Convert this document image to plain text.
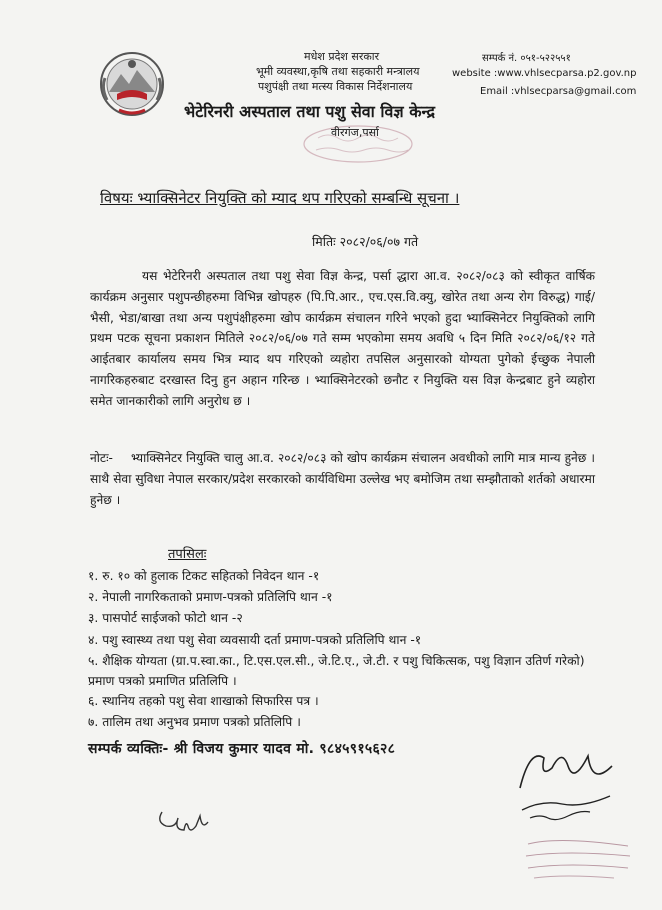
मधेश प्रदेश सरकार
भूमी व्यवस्था,कृषि तथा सहकारी मन्त्रालय
पशुपंक्षी तथा मत्स्य विकास निर्देशनालय
सम्पर्क नं. ०५१-५२२५५१
website :www.vhlsecparsa.p2.gov.np
Email :vhlsecparsa@gmail.com
भेटेरिनरी अस्पताल तथा पशु सेवा विज्ञ केन्द्र
वीरगंज,पर्सा
विषयः भ्याक्सिनेटर नियुक्ति को म्याद थप गरिएको सम्बन्धि सूचना ।
मितिः २०८२/०६/०७ गते

यस भेटेरिनरी अस्पताल तथा पशु सेवा विज्ञ केन्द्र, पर्सा द्धारा आ.व. २०८२/०८३ को स्वीकृत वार्षिक कार्यक्रम अनुसार पशुपन्छीहरुमा विभिन्न खोपहरु (पि.पि.आर., एच.एस.वि.क्यु, खोरेत तथा अन्य रोग विरुद्ध) गाई/भैसी, भेडा/बाखा तथा अन्य पशुपंक्षीहरुमा खोप कार्यक्रम संचालन गरिने भएको हुदा भ्याक्सिनेटर नियुक्तिको लागि प्रथम पटक सूचना प्रकाशन मितिले २०८२/०६/०७ गते सम्म भएकोमा समय अवधि ५ दिन मिति २०८२/०६/१२ गते आईतबार कार्यालय समय भित्र म्याद थप गरिएको व्यहोरा तपसिल अनुसारको योग्यता पुगेको ईच्छुक नेपाली नागरिकहरुबाट दरखास्त दिनु हुन अहान गरिन्छ । भ्याक्सिनेटरको छनौट र नियुक्ति यस विज्ञ केन्द्रबाट हुने व्यहोरा समेत जानकारीको लागि अनुरोध छ ।

नोटः- भ्याक्सिनेटर नियुक्ति चालु आ.व. २०८२/०८३ को खोप कार्यक्रम संचालन अवधीको लागि मात्र मान्य हुनेछ । साथै सेवा सुविधा नेपाल सरकार/प्रदेश सरकारको कार्यविधिमा उल्लेख भए बमोजिम तथा सम्झौताको शर्तको अधारमा हुनेछ ।

तपसिलः
१. रु. १० को हुलाक टिकट सहितको निवेदन थान -१
२. नेपाली नागरिकताको प्रमाण-पत्रको प्रतिलिपि थान -१
३. पासपोर्ट साईजको फोटो थान -२
४. पशु स्वास्थ्य तथा पशु सेवा व्यवसायी दर्ता प्रमाण-पत्रको प्रतिलिपि थान -१
५. शैक्षिक योग्यता (ग्रा.प.स्वा.का., टि.एस.एल.सी., जे.टि.ए., जे.टी. र पशु चिकित्सक, पशु विज्ञान उतिर्ण गरेको) प्रमाण पत्रको प्रमाणित प्रतिलिपि ।
६. स्थानिय तहको पशु सेवा शाखाको सिफारिस पत्र ।
७. तालिम तथा अनुभव प्रमाण पत्रको प्रतिलिपि ।
सम्पर्क व्यक्तिः- श्री विजय कुमार यादव मो. ९८४५९१५६२८
